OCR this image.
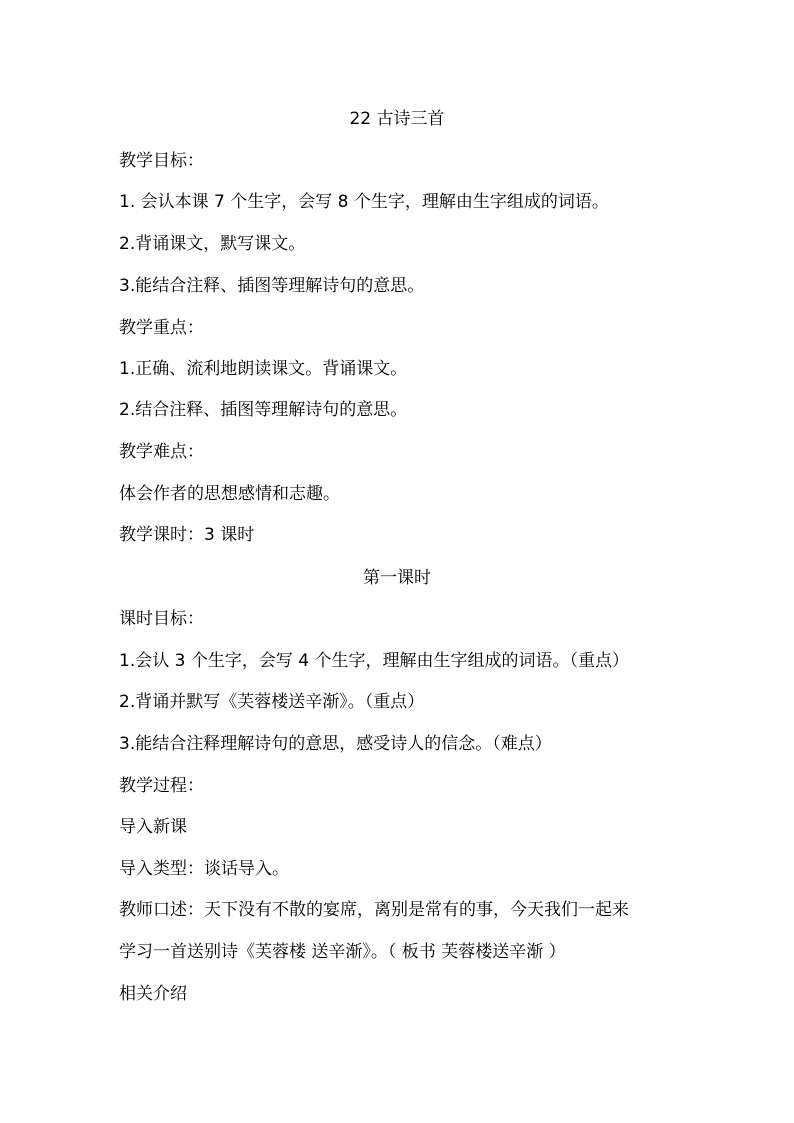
22 古诗三首
教学目标：
1. 会认本课 7 个生字，会写 8 个生字，理解由生字组成的词语。
2.背诵课文，默写课文。
3.能结合注释、插图等理解诗句的意思。
教学重点：
1.正确、流利地朗读课文。背诵课文。
2.结合注释、插图等理解诗句的意思。
教学难点：
体会作者的思想感情和志趣。
教学课时：3 课时
第一课时
课时目标：
1.会认 3 个生字，会写 4 个生字，理解由生字组成的词语。（重点）
2.背诵并默写《芙蓉楼送辛渐》。（重点）
3.能结合注释理解诗句的意思，感受诗人的信念。（难点）
教学过程：
导入新课
导入类型：谈话导入。
教师口述：天下没有不散的宴席，离别是常有的事，今天我们一起来
学习一首送别诗《芙蓉楼 送辛渐》。（ 板书 芙蓉楼送辛渐 ）
相关介绍
